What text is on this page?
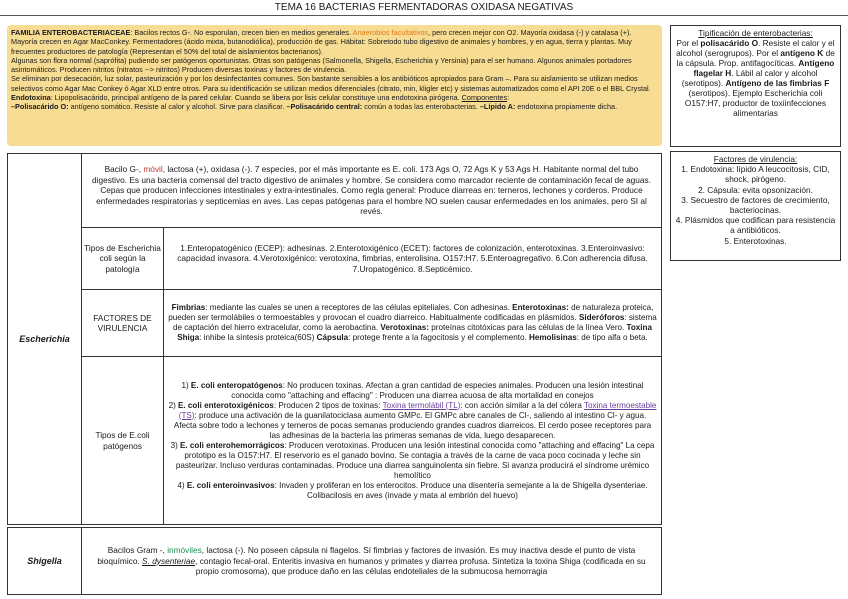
TEMA 16 BACTERIAS FERMENTADORAS OXIDASA NEGATIVAS

FAMILIA ENTEROBACTERIACEAE: Bacilos rectos G-. No esporulan, crecen bien en medios generales. Anaerobios facultativos, pero crecen mejor con O2. Mayoría oxidasa (-) y catalasa (+). Mayoría crecen en Agar MacConkey. Fermentadores (ácido mixta, butanodiólica), producción de gas. Hábitat: Sobretodo tubo digestivo de animales y hombres, y en agua, tierra y plantas. Muy frecuentes productores de patología (Representan el 50% del total de aislamientos bacterianos).

Algunas son flora normal (saprófita) pudiendo ser patógenos oportunistas. Otras son patógenas (Salmonella, Shigella, Escherichia y Yersinia) para el ser humano. Algunos animales portadores asintomáticos. Producen nitritos (nitratos --> nitritos) Producen diversas toxinas y factores de virulencia.

Se eliminan por desecación, luz solar, pasteurización y por los desinfectantes comunes. Son bastante sensibles a los antibióticos apropiados para Gram –. Para su aislamiento se utilizan medios selectivos como Agar Mac Conkey ó Agar XLD entre otros. Para su identificación se utilizan medios diferenciales (citrato, min, kligler etc) y sistemas automatizados como el API 20E o el BBL Crystal.

Endotoxina: Lipopolisacárido, principal antígeno de la pared celular. Cuando se libera por lisis celular constituye una endotoxina pirógena. Componentes:

–Polisacárido O: antígeno somático. Resiste al calor y alcohol. Sirve para clasificar. –Polisacárido central: común a todas las enterobacterias. –Lípido A: endotoxina propiamente dicha.

Tipificación de enterobacterias:
Por el polisacárido O. Resiste el calor y el alcohol (serogrupos). Por el antígeno K de la cápsula. Prop. antifagocíticas. Antígeno flagelar H. Lábil al calor y alcohol (serotipos). Antígeno de las fimbrias F (serotipos). Ejemplo Escherichia coli O157:H7, productor de toxiinfecciones alimentarias
Factores de virulencia:
1. Endotoxina: lípido A leucocitosis, CID, shock, pirógeno.
2. Cápsula: evita opsonización.
3. Secuestro de factores de crecimiento, bacteriocinas.
4. Plásmidos que codifican para resistencia a antibióticos.
5. Enterotoxinas.
Escherichia
Bacilo G-, móvil, lactosa (+), oxidasa (-). 7 especies, por el más importante es E. coli. 173 Ags O, 72 Ags K y 53 Ags H. Habitante normal del tubo digestivo. Es una bacteria comensal del tracto digestivo de animales y hombre. Se considera como marcador reciente de contaminación fecal de aguas. Cepas que producen infecciones intestinales y extra-intestinales. Como regla general: Produce diarreas en: terneros, lechones y corderos. Produce enfermedades respiratorias y septicemias en aves. Las cepas patógenas para el hombre NO suelen causar enfermedades en los animales, pero SI al revés.
Tipos de Escherichia coli según la patología
1.Enteropatogénico (ECEP): adhesinas. 2.Enterotoxigénico (ECET): factores de colonización, enterotoxinas. 3.Enteroinvasivo: capacidad invasora. 4.Verotoxigénico: verotoxina, fimbrias, enterolisina. O157:H7. 5.Enteroagregativo. 6.Con adherencia difusa. 7.Uropatogénico. 8.Septicémico.
FACTORES DE VIRULENCIA
Fimbrias: mediante las cuales se unen a receptores de las células epiteliales. Con adhesinas. Enterotoxinas: de naturaleza proteica, pueden ser termolábiles o termoestables y provocan el cuadro diarreico. Habitualmente codificadas en plásmidos. Sideróforos: sistema de captación del hierro extracelular, como la aerobactina. Verotoxinas: proteínas citotóxicas para las células de la línea Vero. Toxina Shiga: inhibe la síntesis proteica(60S) Cápsula: protege frente a la fagocitosis y el complemento. Hemolisinas: de tipo alfa o beta.
Tipos de E.coli patógenos
1) E. coli enteropatógenos: No producen toxinas. Afectan a gran cantidad de especies animales. Producen una lesión intestinal conocida como "attaching and effacing" : Producen una diarrea acuosa de alta mortalidad en conejos
2) E. coli enterotoxigénicos: Producen 2 tipos de toxinas: Toxina termolábil (TL): con acción similar a la del cólera Toxina termoestable (TS): produce una activación de la guanilatociclasa aumento GMPc. El GMPc abre canales de Cl-, saliendo al intestino Cl- y agua. Afecta sobre todo a lechones y terneros de pocas semanas produciendo grandes cuadros diarreicos. El cerdo posee receptores para las adhesinas de la bacteria las primeras semanas de vida, luego desaparecen.
3) E. coli enterohemorrágicos: Producen verotoxinas. Producen una lesión intestinal conocida como "attaching and effacing" La cepa prototipo es la O157:H7. El reservorio es el ganado bovino. Se contagia a través de la carne de vaca poco cocinada y leche sin pasteurizar. Incluso verduras contaminadas. Produce una diarrea sanguinolenta sin fiebre. Si avanza producirá el síndrome urémico hemolítico
4) E. coli enteroinvasivos: Invaden y proliferan en los enterocitos. Produce una disentería semejante a la de Shigella dysenteriae. Colibacilosis en aves (invade y mata al embrión del huevo)
Shigella
Bacilos Gram -, inmóviles, lactosa (-). No poseen cápsula ni flagelos. Sí fimbrias y factores de invasión. Es muy inactiva desde el punto de vista bioquímico. S. dysenteriae, contagio fecal-oral. Enteritis invasiva en humanos y primates y diarrea profusa. Sintetiza la toxina Shiga (codificada en su propio cromosoma), que produce daño en las células endoteliales de la submucosa hemorragia
